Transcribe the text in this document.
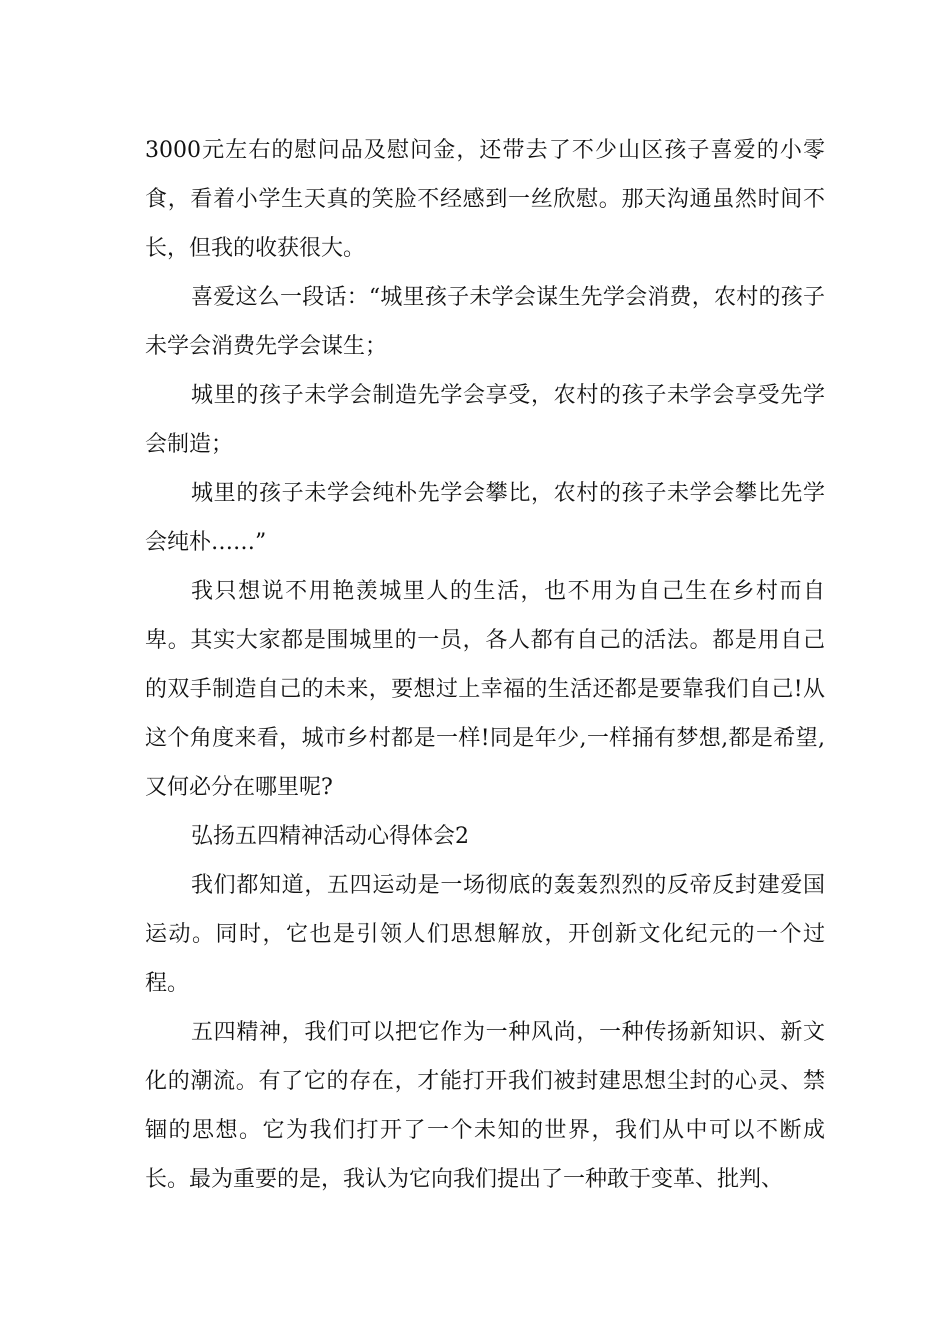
3000元左右的慰问品及慰问金，还带去了不少山区孩子喜爱的小零食，看着小学生天真的笑脸不经感到一丝欣慰。那天沟通虽然时间不长，但我的收获很大。

喜爱这么一段话：“城里孩子未学会谋生先学会消费，农村的孩子未学会消费先学会谋生；

城里的孩子未学会制造先学会享受，农村的孩子未学会享受先学会制造；

城里的孩子未学会纯朴先学会攀比，农村的孩子未学会攀比先学会纯朴……”

我只想说不用艳羡城里人的生活，也不用为自己生在乡村而自卑。其实大家都是围城里的一员，各人都有自己的活法。都是用自己的双手制造自己的未来，要想过上幸福的生活还都是要靠我们自己!从这个角度来看，城市乡村都是一样!同是年少,一样捅有梦想,都是希望,又何必分在哪里呢?

弘扬五四精神活动心得体会2

我们都知道，五四运动是一场彻底的轰轰烈烈的反帝反封建爱国运动。同时，它也是引领人们思想解放，开创新文化纪元的一个过程。

五四精神，我们可以把它作为一种风尚，一种传扬新知识、新文化的潮流。有了它的存在，才能打开我们被封建思想尘封的心灵、禁锢的思想。它为我们打开了一个未知的世界，我们从中可以不断成长。最为重要的是，我认为它向我们提出了一种敢于变革、批判、
